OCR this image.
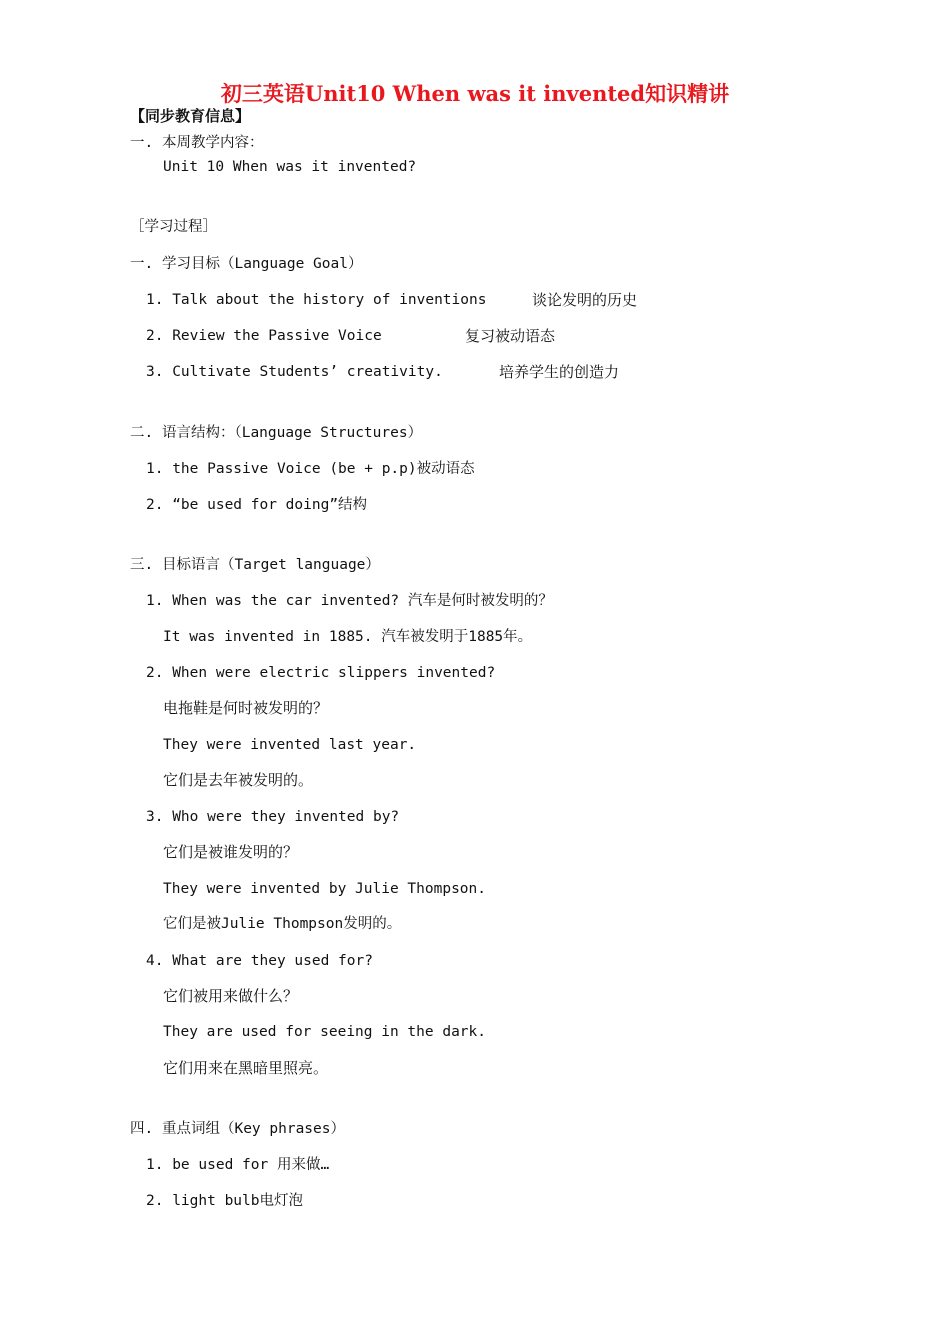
初三英语Unit10 When was it invented知识精讲
【同步教育信息】
一. 本周教学内容：
Unit 10 When was it invented?
［学习过程］
一. 学习目标（Language Goal）
1. Talk about the history of inventions	谈论发明的历史
2. Review the Passive Voice	复习被动语态
3. Cultivate Students’ creativity.	培养学生的创造力
二. 语言结构：（Language Structures）
1. the Passive Voice (be + p.p)被动语态
2. “be used for doing”结构
三. 目标语言（Target language）
1. When was the car invented? 汽车是何时被发明的？
It was invented in 1885. 汽车被发明于1885年。
2. When were electric slippers invented?
电拖鞋是何时被发明的？
They were invented last year.
它们是去年被发明的。
3. Who were they invented by?
它们是被谁发明的？
They were invented by Julie Thompson.
它们是被Julie Thompson发明的。
4. What are they used for?
它们被用来做什么？
They are used for seeing in the dark.
它们用来在黑暗里照亮。
四. 重点词组（Key phrases）
1. be used for 用来做…
2. light bulb电灯泡
